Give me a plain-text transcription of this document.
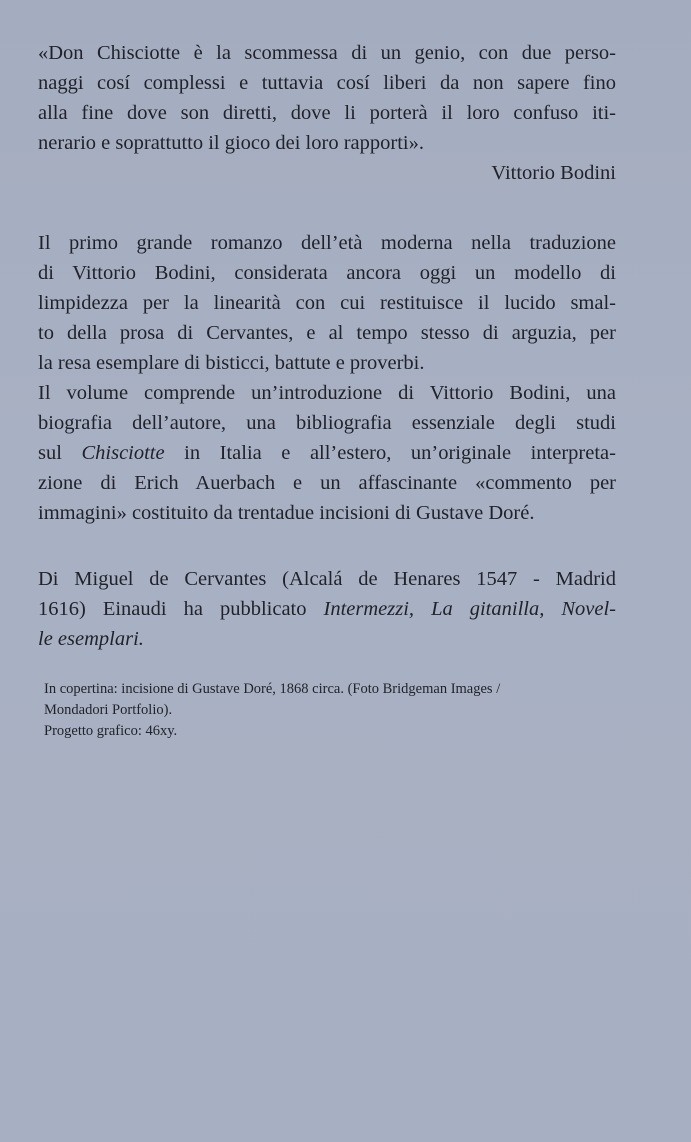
«Don Chisciotte è la scommessa di un genio, con due perso-
naggi cosí complessi e tuttavia cosí liberi da non sapere fino
alla fine dove son diretti, dove li porterà il loro confuso iti-
nerario e soprattutto il gioco dei loro rapporti».
Vittorio Bodini
Il primo grande romanzo dell’età moderna nella traduzione
di Vittorio Bodini, considerata ancora oggi un modello di
limpidezza per la linearità con cui restituisce il lucido smal-
to della prosa di Cervantes, e al tempo stesso di arguzia, per
la resa esemplare di bisticci, battute e proverbi.
Il volume comprende un’introduzione di Vittorio Bodini, una
biografia dell’autore, una bibliografia essenziale degli studi
sul Chisciotte in Italia e all’estero, un’originale interpreta-
zione di Erich Auerbach e un affascinante «commento per
immagini» costituito da trentadue incisioni di Gustave Doré.
Di Miguel de Cervantes (Alcalá de Henares 1547 - Madrid
1616) Einaudi ha pubblicato Intermezzi, La gitanilla, Novel-
le esemplari.
In copertina: incisione di Gustave Doré, 1868 circa. (Foto Bridgeman Images /
Mondadori Portfolio).
Progetto grafico: 46xy.
